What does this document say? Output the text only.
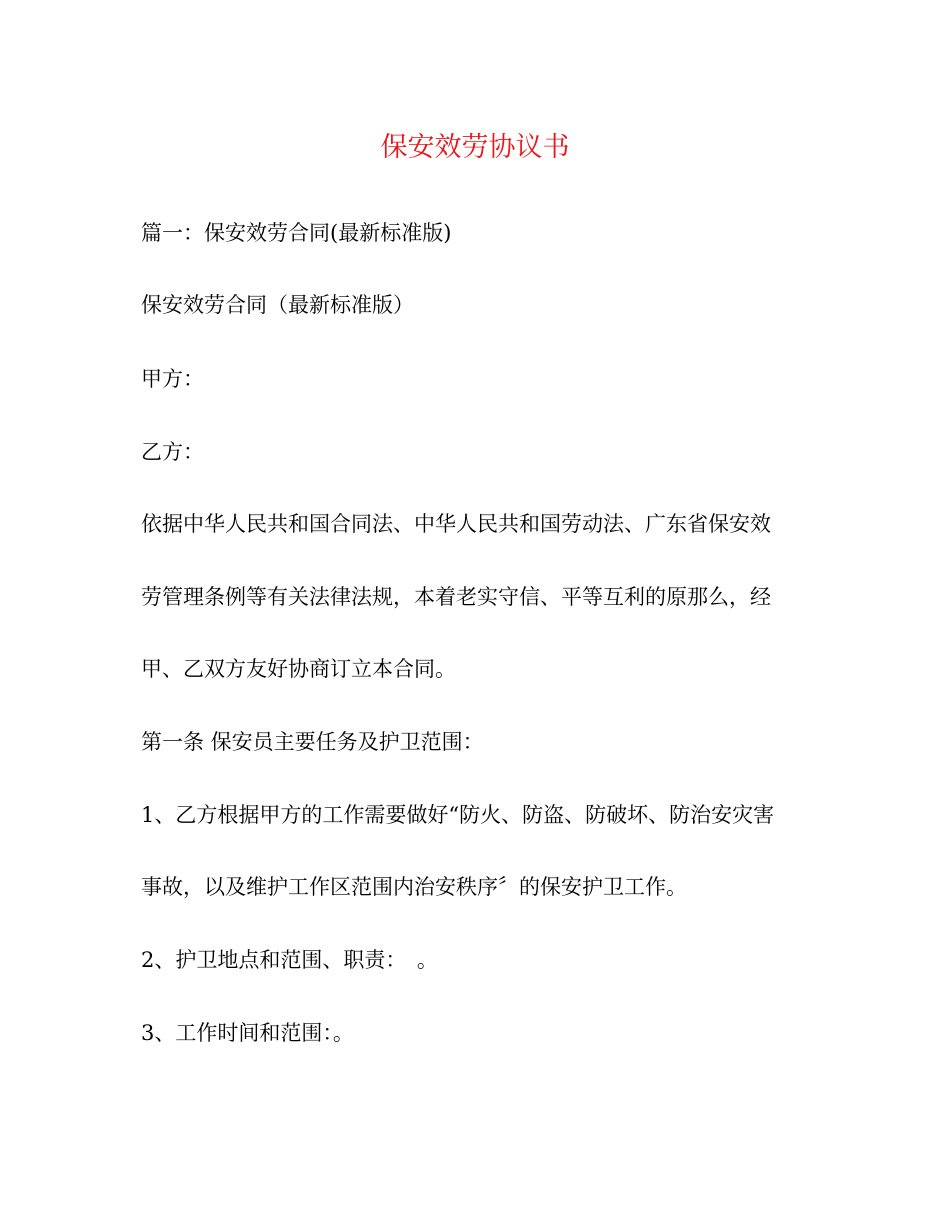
保安效劳协议书
篇一：保安效劳合同(最新标准版)
保安效劳合同（最新标准版）
甲方：
乙方：
依据中华人民共和国合同法、中华人民共和国劳动法、广东省保安效
劳管理条例等有关法律法规，本着老实守信、平等互利的原那么，经
甲、乙双方友好协商订立本合同。
第一条 保安员主要任务及护卫范围：
1、乙方根据甲方的工作需要做好“防火、防盗、防破坏、防治安灾害
事故，以及维护工作区范围内治安秩序〞的保安护卫工作。
2、护卫地点和范围、职责：　。
3、工作时间和范围：。
